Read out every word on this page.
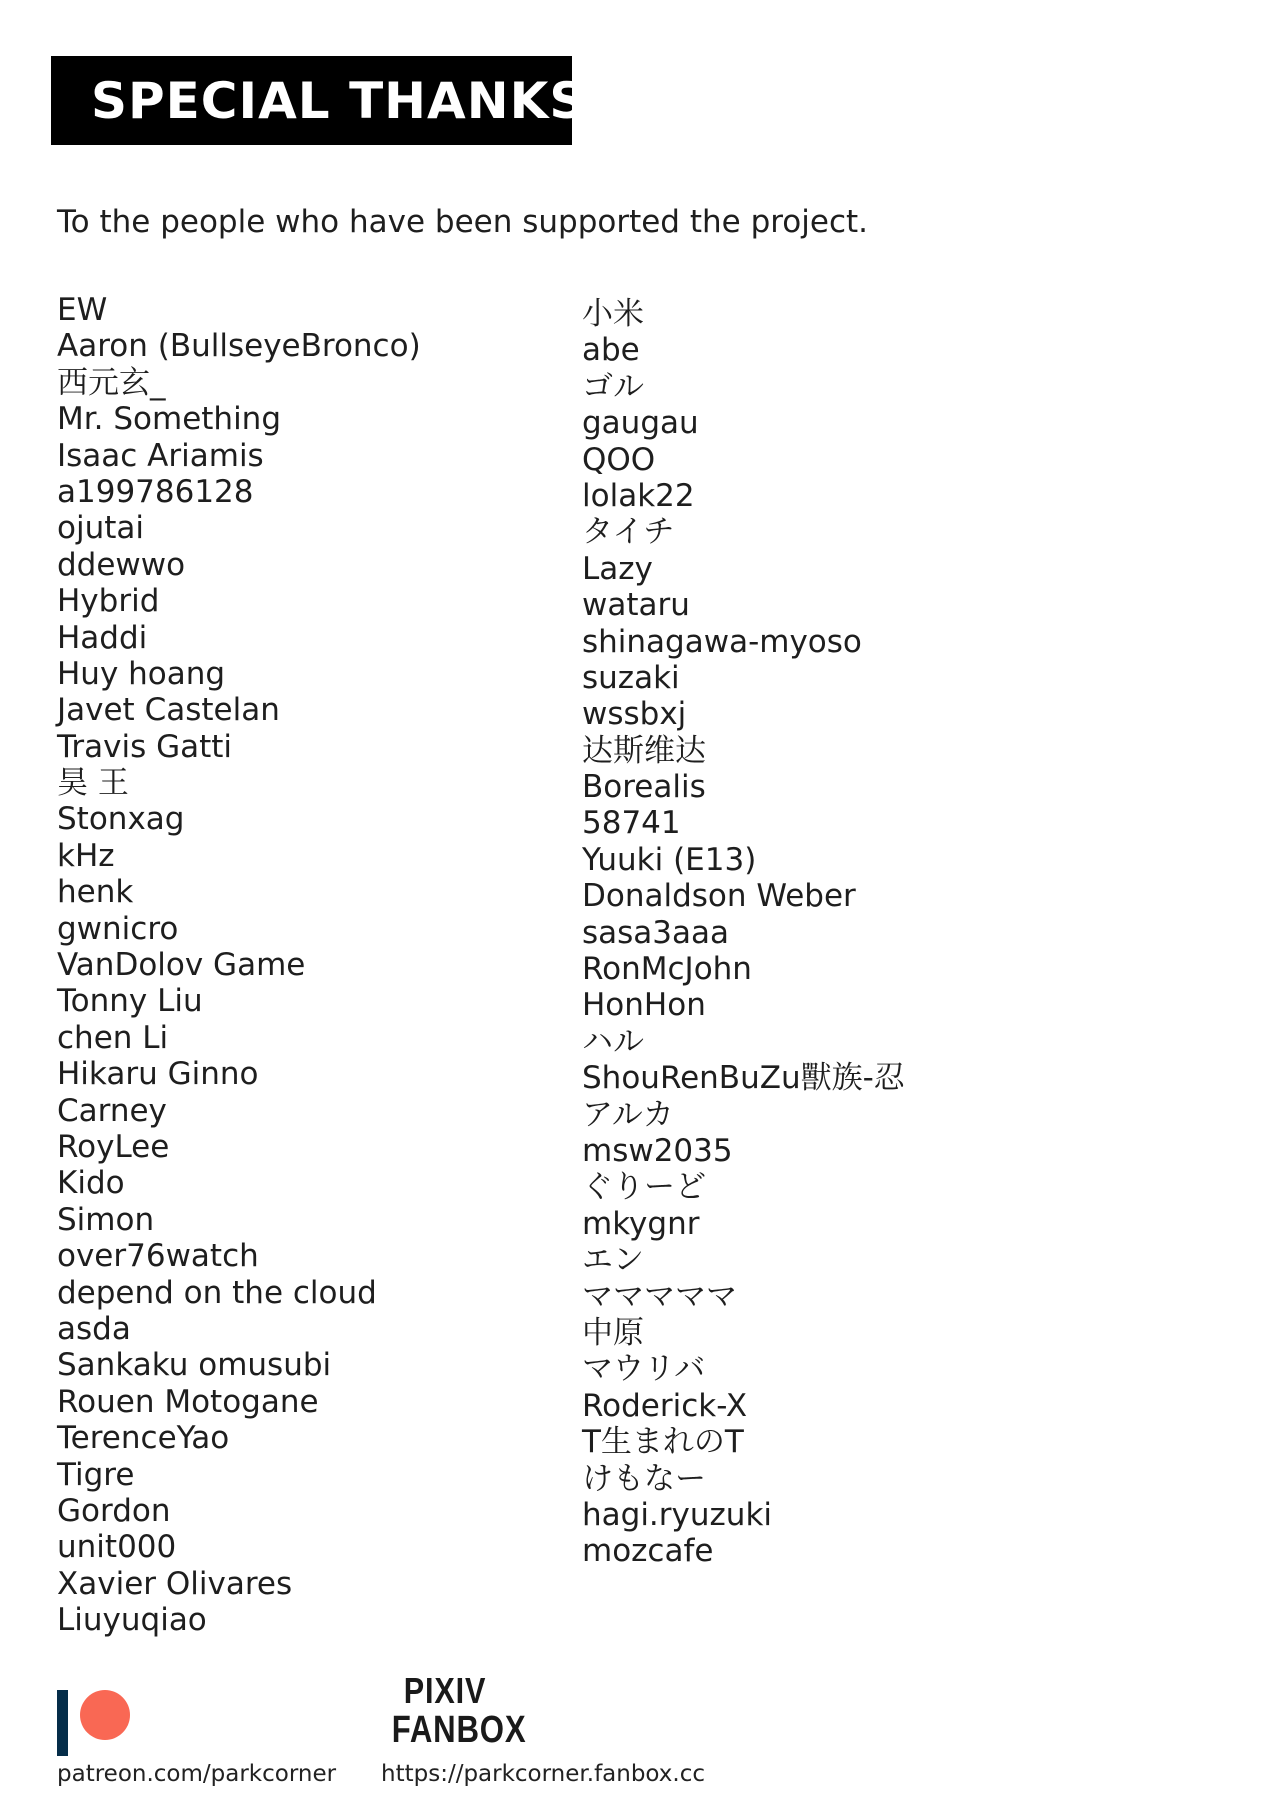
SPECIAL THANKS
To the people who have been supported the project.
EW
Aaron (BullseyeBronco)
西元玄_
Mr. Something
Isaac Ariamis
a199786128
ojutai
ddewwo
Hybrid
Haddi
Huy hoang
Javet Castelan
Travis Gatti
昊 王
Stonxag
kHz
henk
gwnicro
VanDolov Game
Tonny Liu
chen Li
Hikaru Ginno
Carney
RoyLee
Kido
Simon
over76watch
depend on the cloud
asda
Sankaku omusubi
Rouen Motogane
TerenceYao
Tigre
Gordon
unit000
Xavier Olivares
Liuyuqiao
小米
abe
ゴル
gaugau
QOO
lolak22
タイチ
Lazy
wataru
shinagawa-myoso
suzaki
wssbxj
达斯维达
Borealis
58741
Yuuki (E13)
Donaldson Weber
sasa3aaa
RonMcJohn
HonHon
ハル
ShouRenBuZu獸族-忍
アルカ
msw2035
ぐりーど
mkygnr
エン
マママママ
中原
マウリバ
Roderick-X
T生まれのT
けもなー
hagi.ryuzuki
mozcafe
patreon.com/parkcorner
PIXIV
FANBOX
https://parkcorner.fanbox.cc
